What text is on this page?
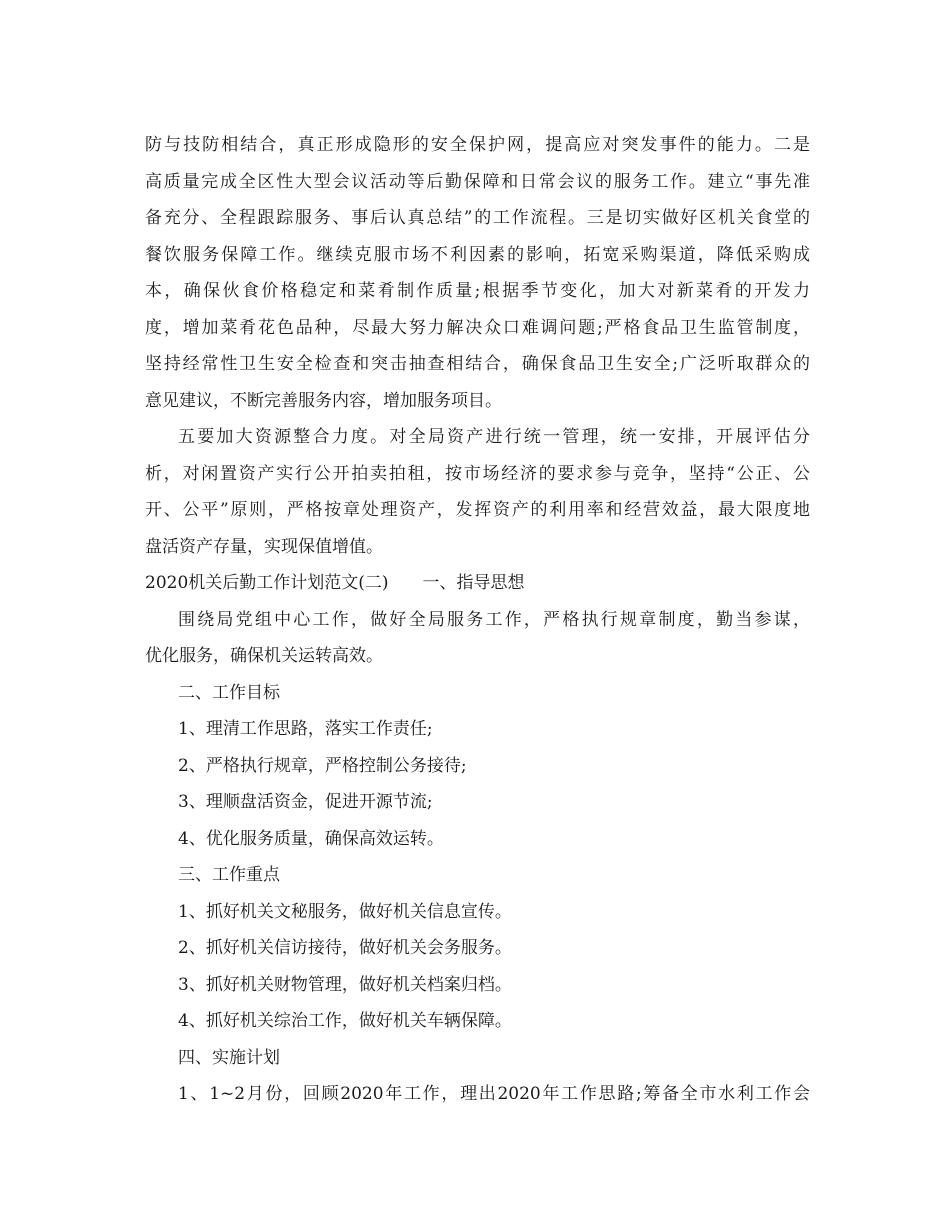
防与技防相结合，真正形成隐形的安全保护网，提高应对突发事件的能力。二是
高质量完成全区性大型会议活动等后勤保障和日常会议的服务工作。建立“事先准
备充分、全程跟踪服务、事后认真总结”的工作流程。三是切实做好区机关食堂的
餐饮服务保障工作。继续克服市场不利因素的影响，拓宽采购渠道，降低采购成
本，确保伙食价格稳定和菜肴制作质量;根据季节变化，加大对新菜肴的开发力
度，增加菜肴花色品种，尽最大努力解决众口难调问题;严格食品卫生监管制度，
坚持经常性卫生安全检查和突击抽查相结合，确保食品卫生安全;广泛听取群众的
意见建议，不断完善服务内容，增加服务项目。
五要加大资源整合力度。对全局资产进行统一管理，统一安排，开展评估分
析，对闲置资产实行公开拍卖拍租，按市场经济的要求参与竞争，坚持“公正、公
开、公平”原则，严格按章处理资产，发挥资产的利用率和经营效益，最大限度地
盘活资产存量，实现保值增值。
2020机关后勤工作计划范文(二) 一、指导思想
围绕局党组中心工作，做好全局服务工作，严格执行规章制度，勤当参谋，
优化服务，确保机关运转高效。
二、工作目标
1、理清工作思路，落实工作责任;
2、严格执行规章，严格控制公务接待;
3、理顺盘活资金，促进开源节流;
4、优化服务质量，确保高效运转。
三、工作重点
1、抓好机关文秘服务，做好机关信息宣传。
2、抓好机关信访接待，做好机关会务服务。
3、抓好机关财物管理，做好机关档案归档。
4、抓好机关综治工作，做好机关车辆保障。
四、实施计划
1、1~2月份，回顾2020年工作，理出2020年工作思路;筹备全市水利工作会
